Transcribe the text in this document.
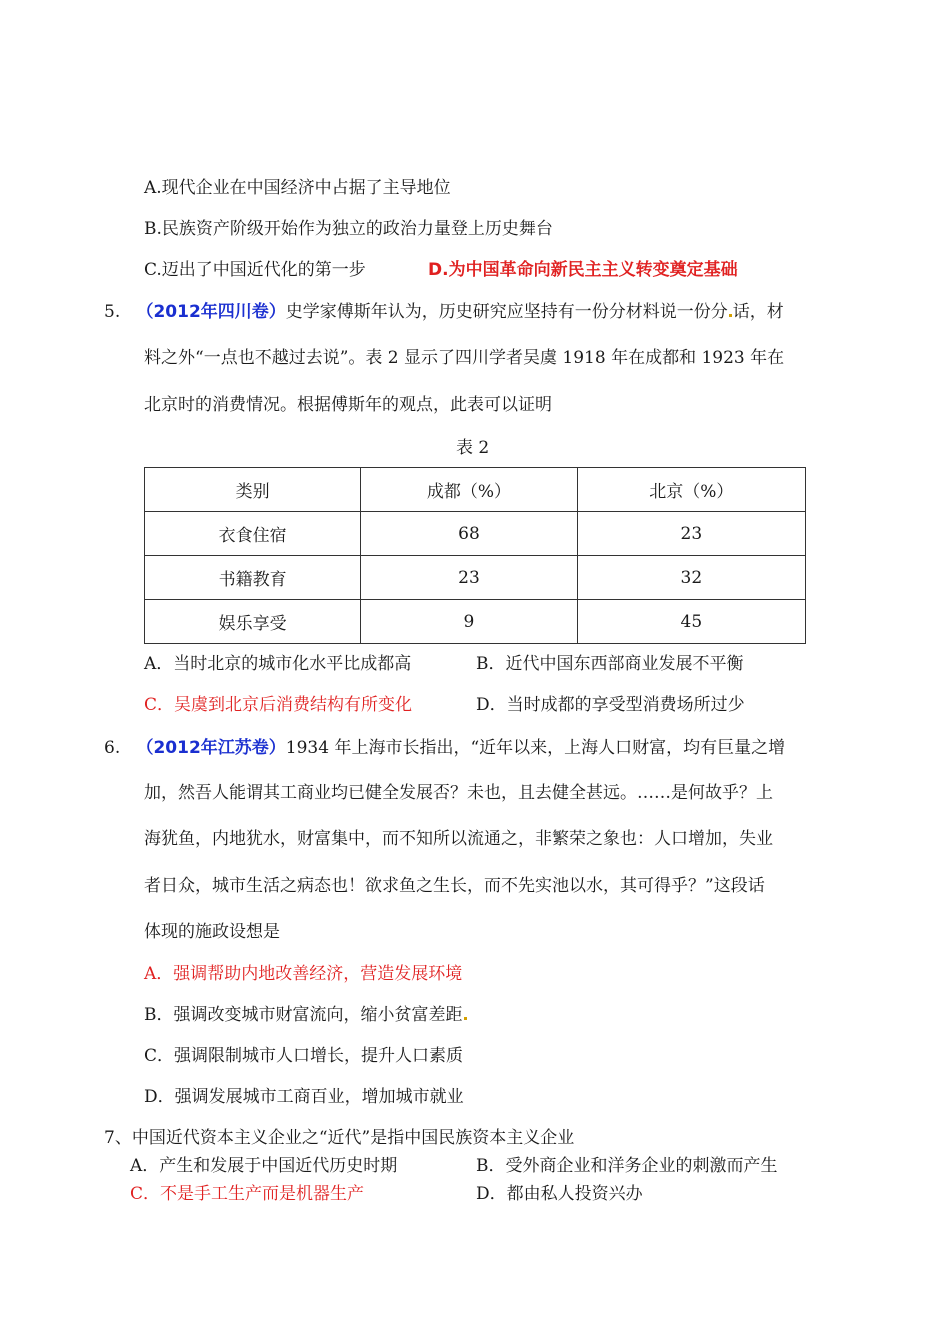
A.现代企业在中国经济中占据了主导地位
B.民族资产阶级开始作为独立的政治力量登上历史舞台
C.迈出了中国近代化的第一步	D.为中国革命向新民主主义转变奠定基础
5. （2012年四川卷）史学家傅斯年认为，历史研究应坚持有一份分材料说一份分 话，材
料之外“一点也不越过去说”。表 2 显示了四川学者吴虞 1918 年在成都和 1923 年在
北京时的消费情况。根据傅斯年的观点，此表可以证明
表 2
类别	成都（%）	北京（%）
衣食住宿	68	23
书籍教育	23	32
娱乐享受	9	45
A．当时北京的城市化水平比成都高	B．近代中国东西部商业发展不平衡
C．吴虞到北京后消费结构有所变化	D．当时成都的享受型消费场所过少
6. （2012年江苏卷）1934 年上海市长指出，“近年以来，上海人口财富，均有巨量之增
加，然吾人能谓其工商业均已健全发展否？未也，且去健全甚远。……是何故乎？上
海犹鱼，内地犹水，财富集中，而不知所以流通之，非繁荣之象也：人口增加，失业
者日众，城市生活之病态也！欲求鱼之生长，而不先实池以水，其可得乎？”这段话
体现的施政设想是
A．强调帮助内地改善经济，营造发展环境
B．强调改变城市财富流向，缩小贫富差距
C．强调限制城市人口增长，提升人口素质
D．强调发展城市工商百业，增加城市就业
7、中国近代资本主义企业之“近代”是指中国民族资本主义企业
A．产生和发展于中国近代历史时期	B．受外商企业和洋务企业的刺激而产生
C．不是手工生产而是机器生产	D．都由私人投资兴办
